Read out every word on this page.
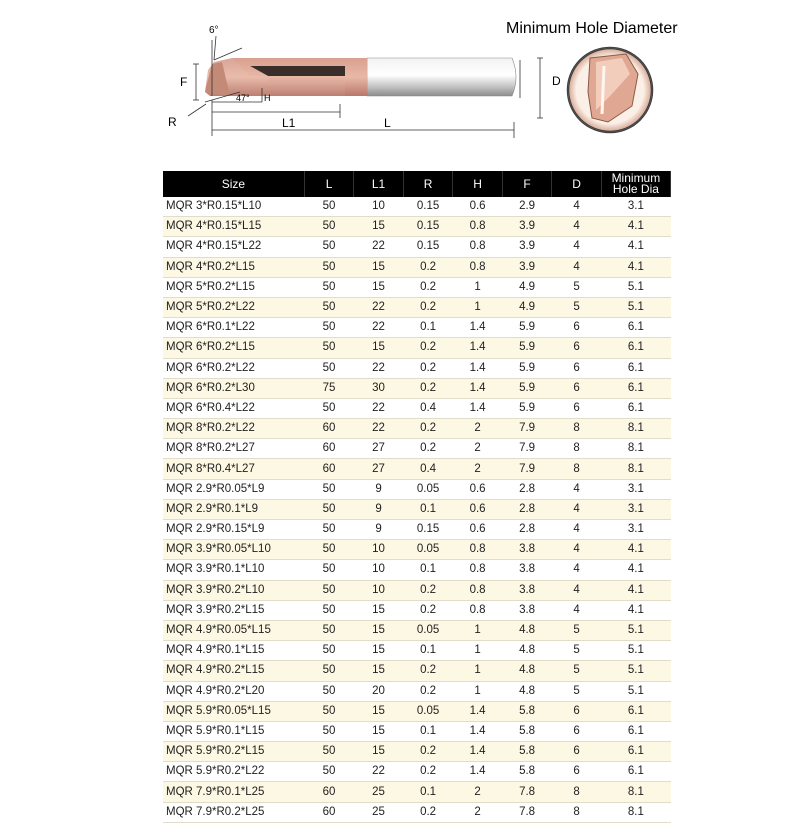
6°
F
R
47° H
L1	L
D
Minimum Hole Diameter
Size	L	L1	R	H	F	D	Minimum
Hole Dia
MQR 3*R0.15*L10	50	10	0.15	0.6	2.9	4	3.1
MQR 4*R0.15*L15	50	15	0.15	0.8	3.9	4	4.1
MQR 4*R0.15*L22	50	22	0.15	0.8	3.9	4	4.1
MQR 4*R0.2*L15	50	15	0.2	0.8	3.9	4	4.1
MQR 5*R0.2*L15	50	15	0.2	1	4.9	5	5.1
MQR 5*R0.2*L22	50	22	0.2	1	4.9	5	5.1
MQR 6*R0.1*L22	50	22	0.1	1.4	5.9	6	6.1
MQR 6*R0.2*L15	50	15	0.2	1.4	5.9	6	6.1
MQR 6*R0.2*L22	50	22	0.2	1.4	5.9	6	6.1
MQR 6*R0.2*L30	75	30	0.2	1.4	5.9	6	6.1
MQR 6*R0.4*L22	50	22	0.4	1.4	5.9	6	6.1
MQR 8*R0.2*L22	60	22	0.2	2	7.9	8	8.1
MQR 8*R0.2*L27	60	27	0.2	2	7.9	8	8.1
MQR 8*R0.4*L27	60	27	0.4	2	7.9	8	8.1
MQR 2.9*R0.05*L9	50	9	0.05	0.6	2.8	4	3.1
MQR 2.9*R0.1*L9	50	9	0.1	0.6	2.8	4	3.1
MQR 2.9*R0.15*L9	50	9	0.15	0.6	2.8	4	3.1
MQR 3.9*R0.05*L10	50	10	0.05	0.8	3.8	4	4.1
MQR 3.9*R0.1*L10	50	10	0.1	0.8	3.8	4	4.1
MQR 3.9*R0.2*L10	50	10	0.2	0.8	3.8	4	4.1
MQR 3.9*R0.2*L15	50	15	0.2	0.8	3.8	4	4.1
MQR 4.9*R0.05*L15	50	15	0.05	1	4.8	5	5.1
MQR 4.9*R0.1*L15	50	15	0.1	1	4.8	5	5.1
MQR 4.9*R0.2*L15	50	15	0.2	1	4.8	5	5.1
MQR 4.9*R0.2*L20	50	20	0.2	1	4.8	5	5.1
MQR 5.9*R0.05*L15	50	15	0.05	1.4	5.8	6	6.1
MQR 5.9*R0.1*L15	50	15	0.1	1.4	5.8	6	6.1
MQR 5.9*R0.2*L15	50	15	0.2	1.4	5.8	6	6.1
MQR 5.9*R0.2*L22	50	22	0.2	1.4	5.8	6	6.1
MQR 7.9*R0.1*L25	60	25	0.1	2	7.8	8	8.1
MQR 7.9*R0.2*L25	60	25	0.2	2	7.8	8	8.1
